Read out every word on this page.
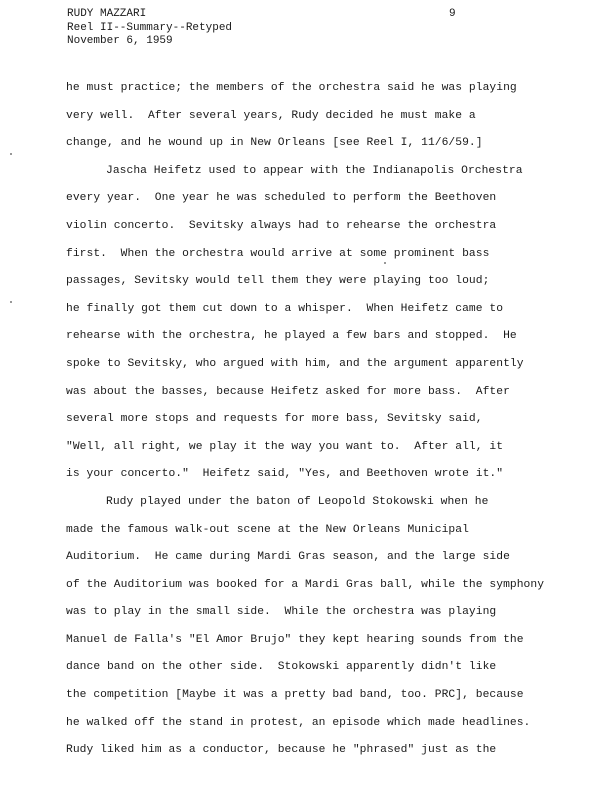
RUDY MAZZARI
Reel II--Summary--Retyped
November 6, 1959
9
he must practice; the members of the orchestra said he was playing
very well.  After several years, Rudy decided he must make a
change, and he wound up in New Orleans [see Reel I, 11/6/59.]
Jascha Heifetz used to appear with the Indianapolis Orchestra
every year.  One year he was scheduled to perform the Beethoven
violin concerto.  Sevitsky always had to rehearse the orchestra
first.  When the orchestra would arrive at some prominent bass
passages, Sevitsky would tell them they were playing too loud;
he finally got them cut down to a whisper.  When Heifetz came to
rehearse with the orchestra, he played a few bars and stopped.  He
spoke to Sevitsky, who argued with him, and the argument apparently
was about the basses, because Heifetz asked for more bass.  After
several more stops and requests for more bass, Sevitsky said,
"Well, all right, we play it the way you want to.  After all, it
is your concerto."  Heifetz said, "Yes, and Beethoven wrote it."
Rudy played under the baton of Leopold Stokowski when he
made the famous walk-out scene at the New Orleans Municipal
Auditorium.  He came during Mardi Gras season, and the large side
of the Auditorium was booked for a Mardi Gras ball, while the symphony
was to play in the small side.  While the orchestra was playing
Manuel de Falla's "El Amor Brujo" they kept hearing sounds from the
dance band on the other side.  Stokowski apparently didn't like
the competition [Maybe it was a pretty bad band, too. PRC], because
he walked off the stand in protest, an episode which made headlines.
Rudy liked him as a conductor, because he "phrased" just as the
